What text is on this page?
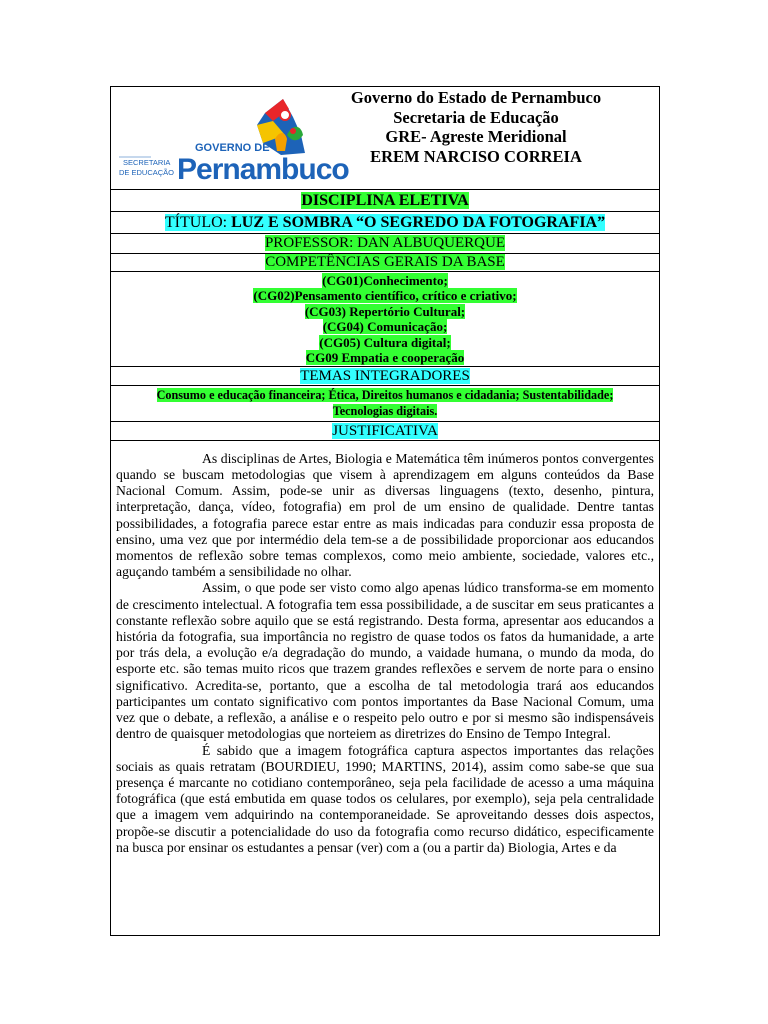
SECRETARIA
DE EDUCAÇÃO
GOVERNO DE
Pernambuco
Governo do Estado de Pernambuco
Secretaria de Educação
GRE- Agreste Meridional
EREM NARCISO CORREIA
DISCIPLINA ELETIVA
TÍTULO: LUZ E SOMBRA “O SEGREDO DA FOTOGRAFIA”
PROFESSOR: DAN ALBUQUERQUE
COMPETÊNCIAS GERAIS DA BASE
(CG01)Conhecimento;
(CG02)Pensamento científico, crítico e criativo;
(CG03) Repertório Cultural;
(CG04) Comunicação;
(CG05) Cultura digital;
CG09 Empatia e cooperação
TEMAS INTEGRADORES
Consumo e educação financeira; Ética, Direitos humanos e cidadania; Sustentabilidade;
Tecnologias digitais.
JUSTIFICATIVA

As disciplinas de Artes, Biologia e Matemática têm inúmeros pontos convergentes quando se buscam metodologias que visem à aprendizagem em alguns conteúdos da Base Nacional Comum. Assim, pode-se unir as diversas linguagens (texto, desenho, pintura, interpretação, dança, vídeo, fotografia) em prol de um ensino de qualidade. Dentre tantas possibilidades, a fotografia parece estar entre as mais indicadas para conduzir essa proposta de ensino, uma vez que por intermédio dela tem-se a de possibilidade proporcionar aos educandos momentos de reflexão sobre temas complexos, como meio ambiente, sociedade, valores etc., aguçando também a sensibilidade no olhar.

Assim, o que pode ser visto como algo apenas lúdico transforma-se em momento de crescimento intelectual. A fotografia tem essa possibilidade, a de suscitar em seus praticantes a constante reflexão sobre aquilo que se está registrando. Desta forma, apresentar aos educandos a história da fotografia, sua importância no registro de quase todos os fatos da humanidade, a arte por trás dela, a evolução e/a degradação do mundo, a vaidade humana, o mundo da moda, do esporte etc. são temas muito ricos que trazem grandes reflexões e servem de norte para o ensino significativo. Acredita-se, portanto, que a escolha de tal metodologia trará aos educandos participantes um contato significativo com pontos importantes da Base Nacional Comum, uma vez que o debate, a reflexão, a análise e o respeito pelo outro e por si mesmo são indispensáveis dentro de quaisquer metodologias que norteiem as diretrizes do Ensino de Tempo Integral.

É sabido que a imagem fotográfica captura aspectos importantes das relações sociais as quais retratam (BOURDIEU, 1990; MARTINS, 2014), assim como sabe-se que sua presença é marcante no cotidiano contemporâneo, seja pela facilidade de acesso a uma máquina fotográfica (que está embutida em quase todos os celulares, por exemplo), seja pela centralidade que a imagem vem adquirindo na contemporaneidade. Se aproveitando desses dois aspectos, propõe-se discutir a potencialidade do uso da fotografia como recurso didático, especificamente na busca por ensinar os estudantes a pensar (ver) com a (ou a partir da) Biologia, Artes e da
